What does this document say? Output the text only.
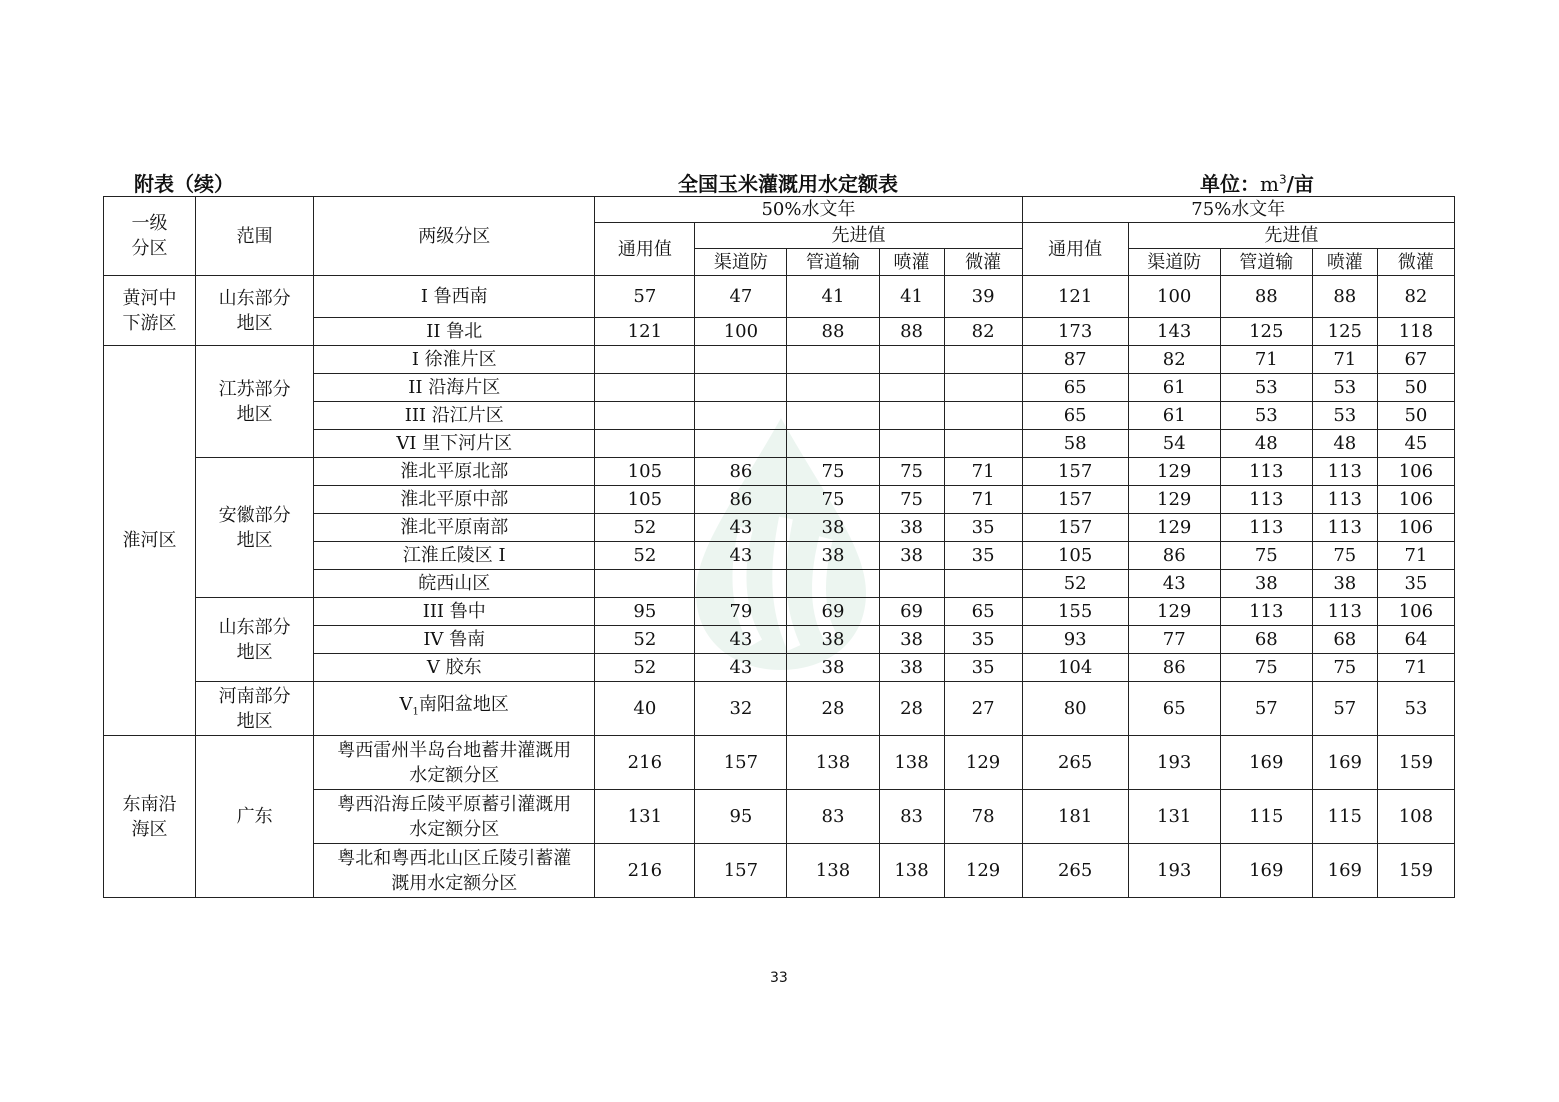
附表（续）	全国玉米灌溉用水定额表	单位：$m^3/$亩
一级分区	范围	两级分区	50%水文年					75%水文年				
			通用值	先进值				通用值	先进值			
				渠道防	管道输	喷灌	微灌		渠道防	管道输	喷灌	微灌

黄河中下游区	山东部分地区	I 鲁西南	57	47	41	41	39	121	100	88	88	82
		II 鲁北	121	100	88	88	82	173	143	125	125	118
淮河区	江苏部分地区	I 徐淮片区						87	82	71	71	67
		II 沿海片区						65	61	53	53	50
		III 沿江片区						65	61	53	53	50
		VI 里下河片区						58	54	48	48	45

	安徽部分地区	淮北平原北部	105	86	75	75	71	157	129	113	113	106
		淮北平原中部	105	86	75	75	71	157	129	113	113	106
		淮北平原南部	52	43	38	38	35	157	129	113	113	106
		江淮丘陵区 I	52	43	38	38	35	105	86	75	75	71
		皖西山区						52	43	38	38	35

	山东部分地区	III 鲁中	95	79	69	69	65	155	129	113	113	106
		IV 鲁南	52	43	38	38	35	93	77	68	68	64
		V 胶东	52	43	38	38	35	104	86	75	75	71

	河南部分地区	$V_1$南阳盆地区	40	32	28	28	27	80	65	57	57	53

东南沿海区	广东	粤西雷州半岛台地蓄井灌溉用水定额分区	216	157	138	138	129	265	193	169	169	159

		粤西沿海丘陵平原蓄引灌溉用水定额分区	131	95	83	83	78	181	131	115	115	108

		粤北和粤西北山区丘陵引蓄灌溉用水定额分区	216	157	138	138	129	265	193	169	169	159
33
